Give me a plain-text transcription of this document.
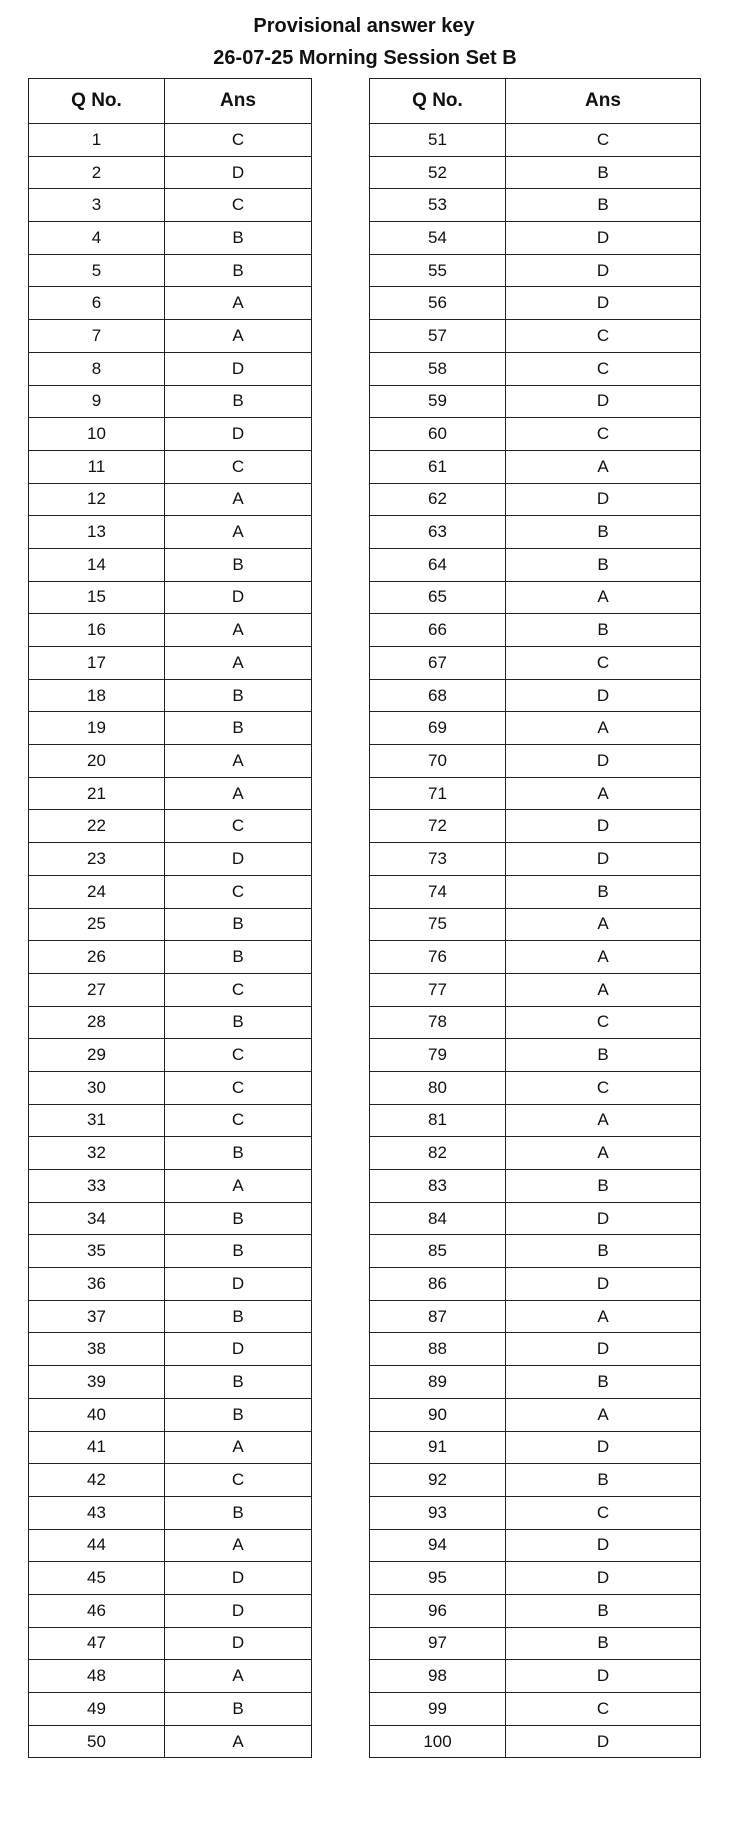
Provisional answer key
26-07-25 Morning Session Set B
Q No.	Ans
1	C
2	D
3	C
4	B
5	B
6	A
7	A
8	D
9	B
10	D
11	C
12	A
13	A
14	B
15	D
16	A
17	A
18	B
19	B
20	A
21	A
22	C
23	D
24	C
25	B
26	B
27	C
28	B
29	C
30	C
31	C
32	B
33	A
34	B
35	B
36	D
37	B
38	D
39	B
40	B
41	A
42	C
43	B
44	A
45	D
46	D
47	D
48	A
49	B
50	A
Q No.	Ans
51	C
52	B
53	B
54	D
55	D
56	D
57	C
58	C
59	D
60	C
61	A
62	D
63	B
64	B
65	A
66	B
67	C
68	D
69	A
70	D
71	A
72	D
73	D
74	B
75	A
76	A
77	A
78	C
79	B
80	C
81	A
82	A
83	B
84	D
85	B
86	D
87	A
88	D
89	B
90	A
91	D
92	B
93	C
94	D
95	D
96	B
97	B
98	D
99	C
100	D
